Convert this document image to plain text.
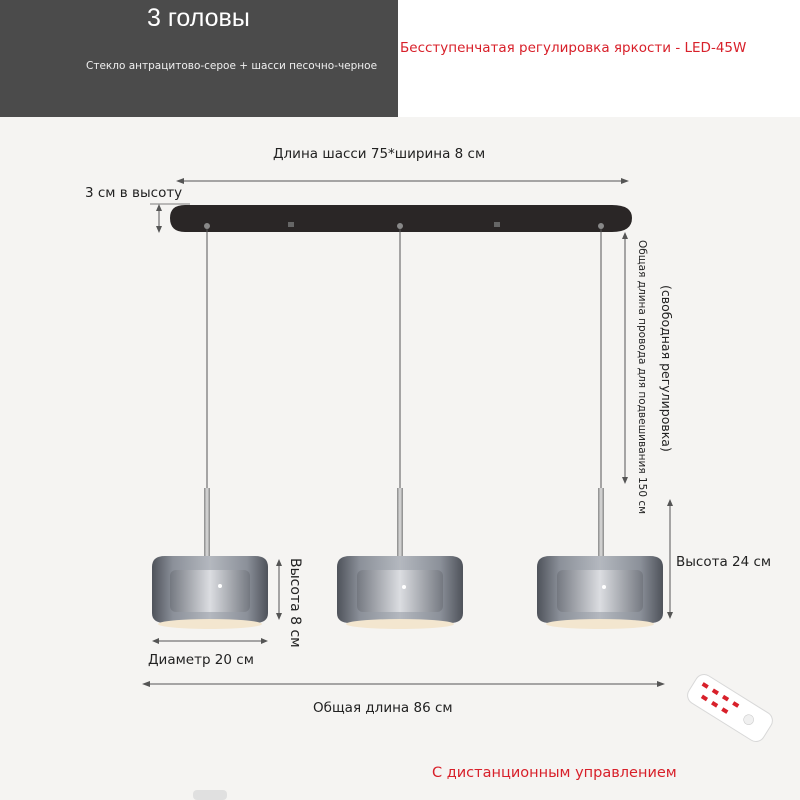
3 головы
Стекло антрацитово-серое + шасси песочно-черное
Бесступенчатая регулировка яркости - LED-45W
Длина шасси 75*ширина 8 см
3 см в высоту
Общая длина провода для подвешивания 150 см (свободная регулировка)
Высота 24 см
Высота 8 см
Диаметр 20 см
Общая длина 86 см
С дистанционным управлением
